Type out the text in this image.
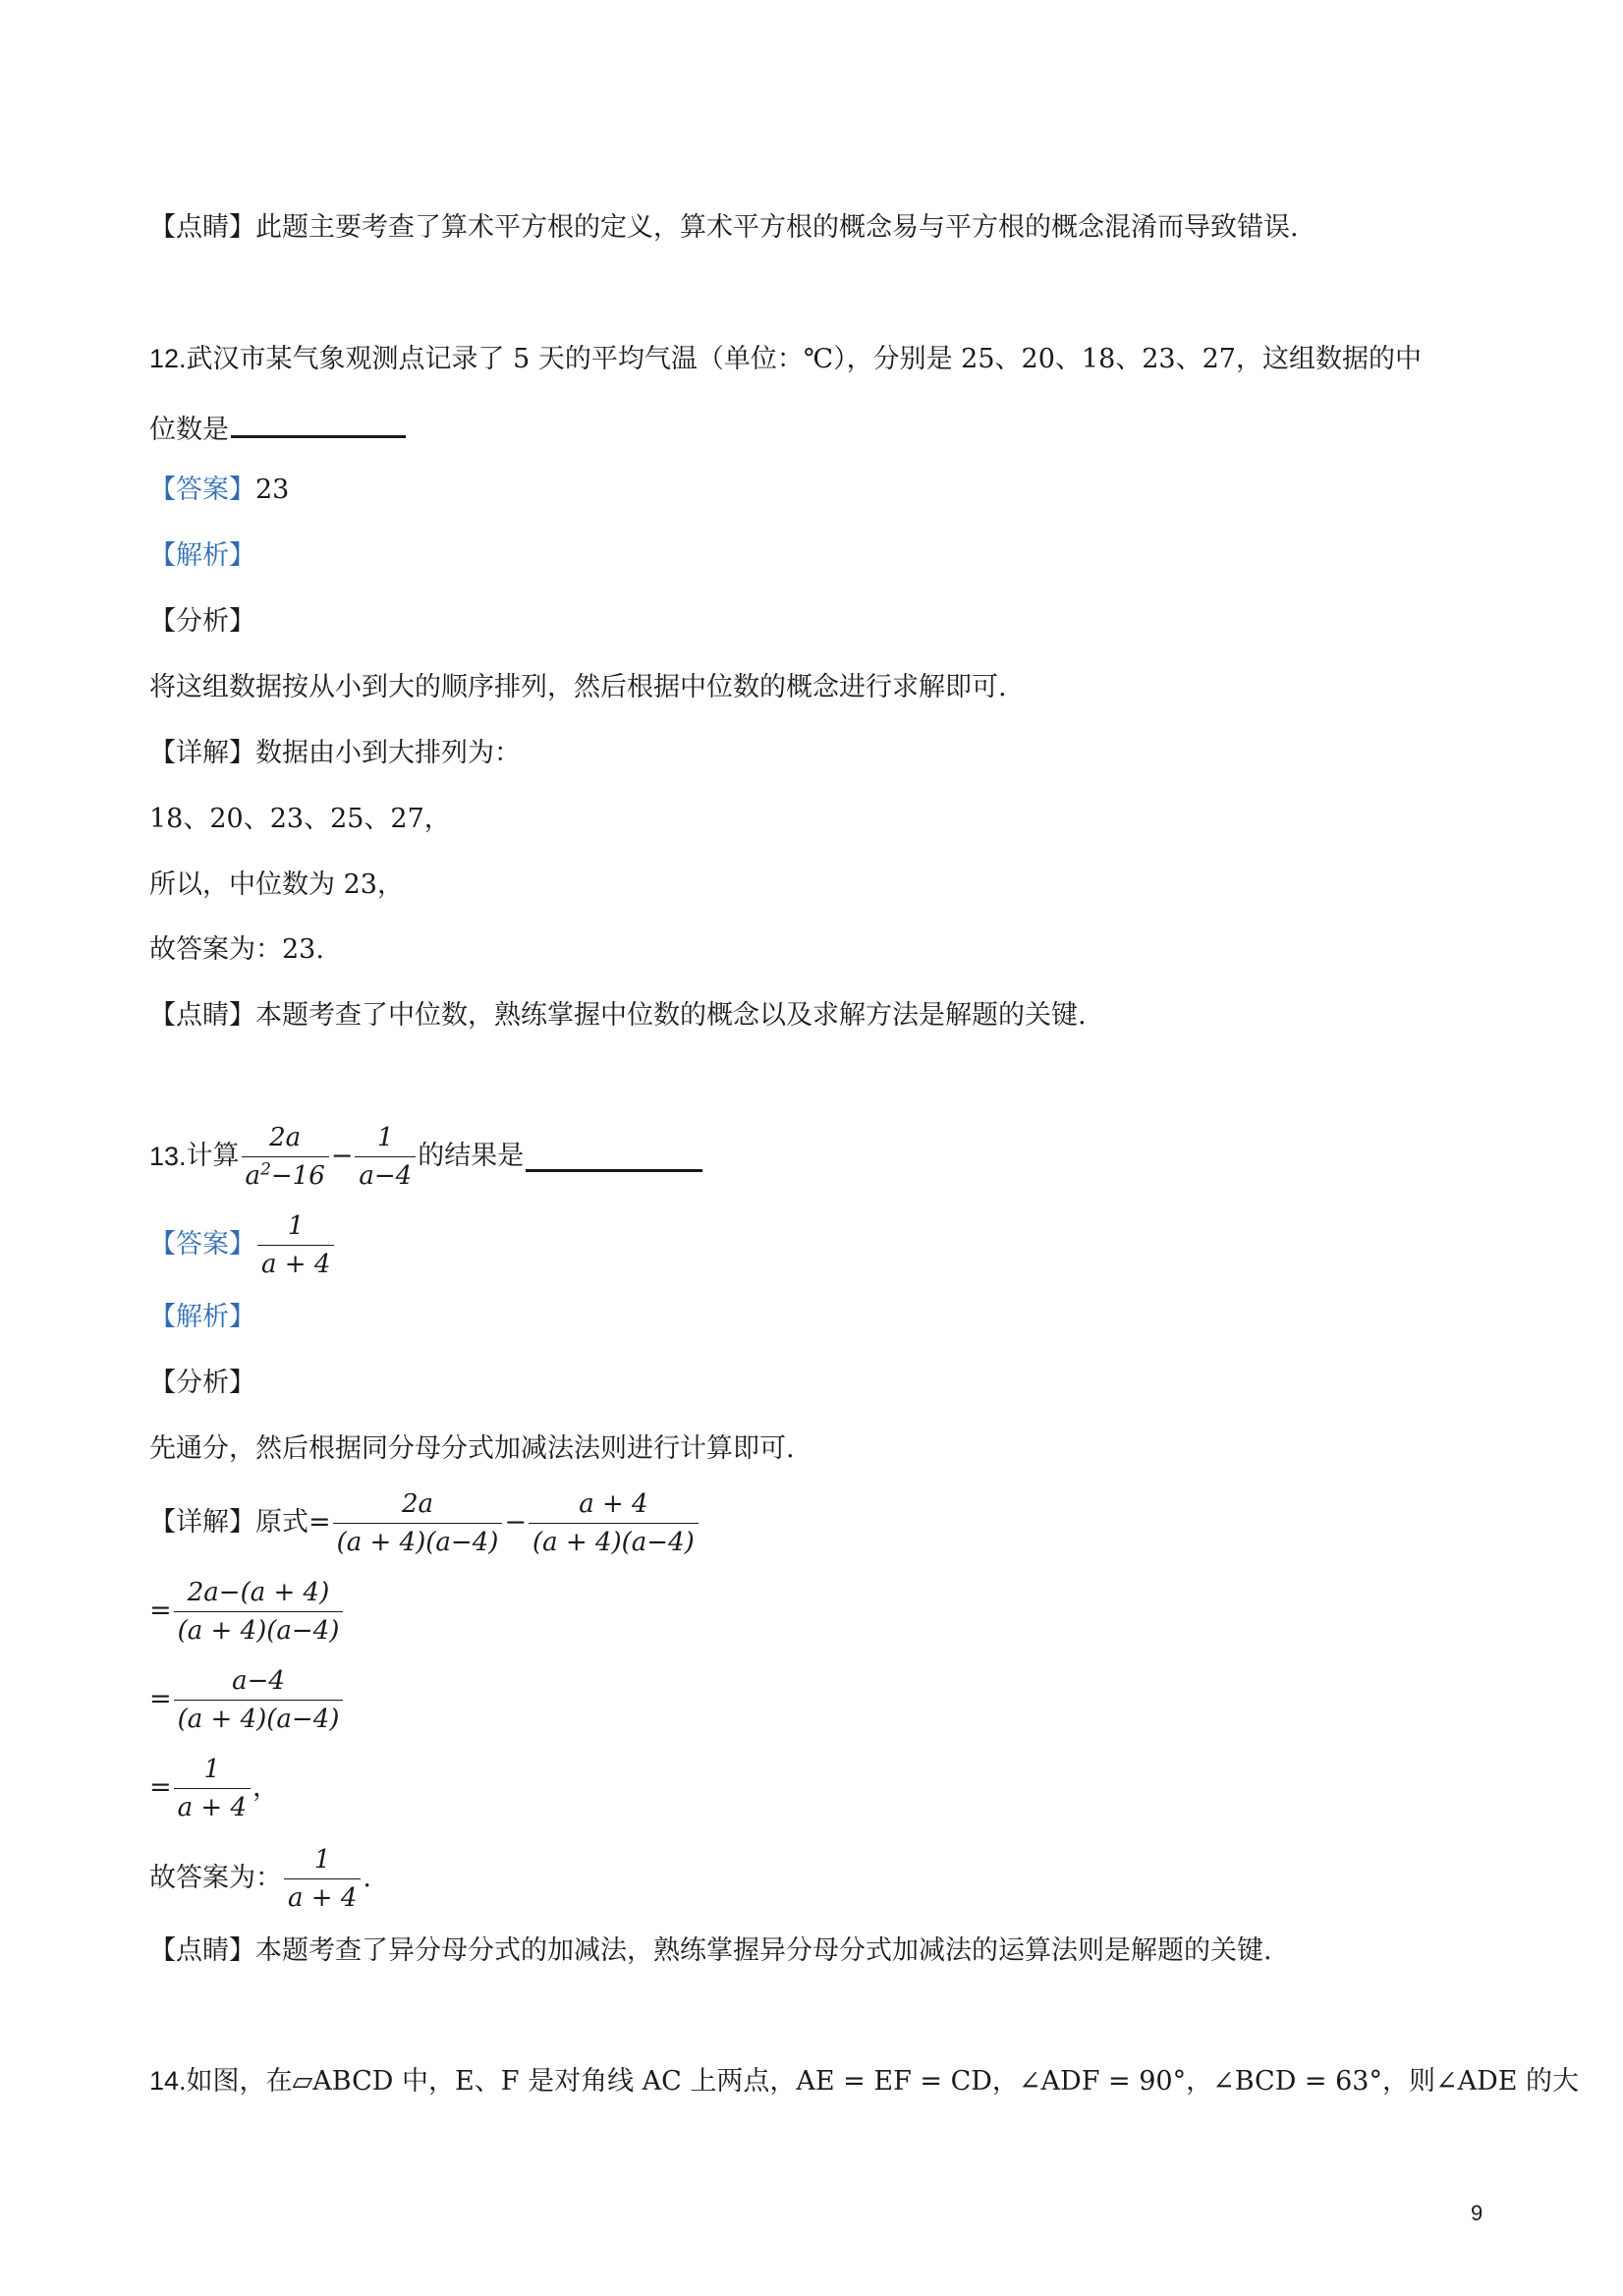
【点睛】此题主要考查了算术平方根的定义，算术平方根的概念易与平方根的概念混淆而导致错误.
12.武汉市某气象观测点记录了 5 天的平均气温（单位：℃），分别是 25、20、18、23、27，这组数据的中
位数是
【答案】23
【解析】
【分析】
将这组数据按从小到大的顺序排列，然后根据中位数的概念进行求解即可.
【详解】数据由小到大排列为：
18、20、23、25、27，
所以，中位数为 23，
故答案为：23.
【点睛】本题考查了中位数，熟练掌握中位数的概念以及求解方法是解题的关键.
13. 计算 $\frac{2a}{a^2-16} - \frac{1}{a-4}$ 的结果是
【答案】 $\frac{1}{a + 4}$
【解析】
【分析】
先通分，然后根据同分母分式加减法法则进行计算即可.
【详解】 原式= $\frac{2a}{(a + 4)(a-4)} - \frac{a + 4}{(a + 4)(a-4)}$
= $\frac{2a-(a + 4)}{(a + 4)(a-4)}$
= $\frac{a-4}{(a + 4)(a-4)}$
= $\frac{1}{a + 4}$ ，
故答案为： $\frac{1}{a + 4}$ .
【点睛】本题考查了异分母分式的加减法，熟练掌握异分母分式加减法的运算法则是解题的关键.
14.如图，在▱ABCD 中，E、F 是对角线 AC 上两点，AE = EF = CD，∠ADF = 90°，∠BCD = 63°，则∠ADE 的大
9
